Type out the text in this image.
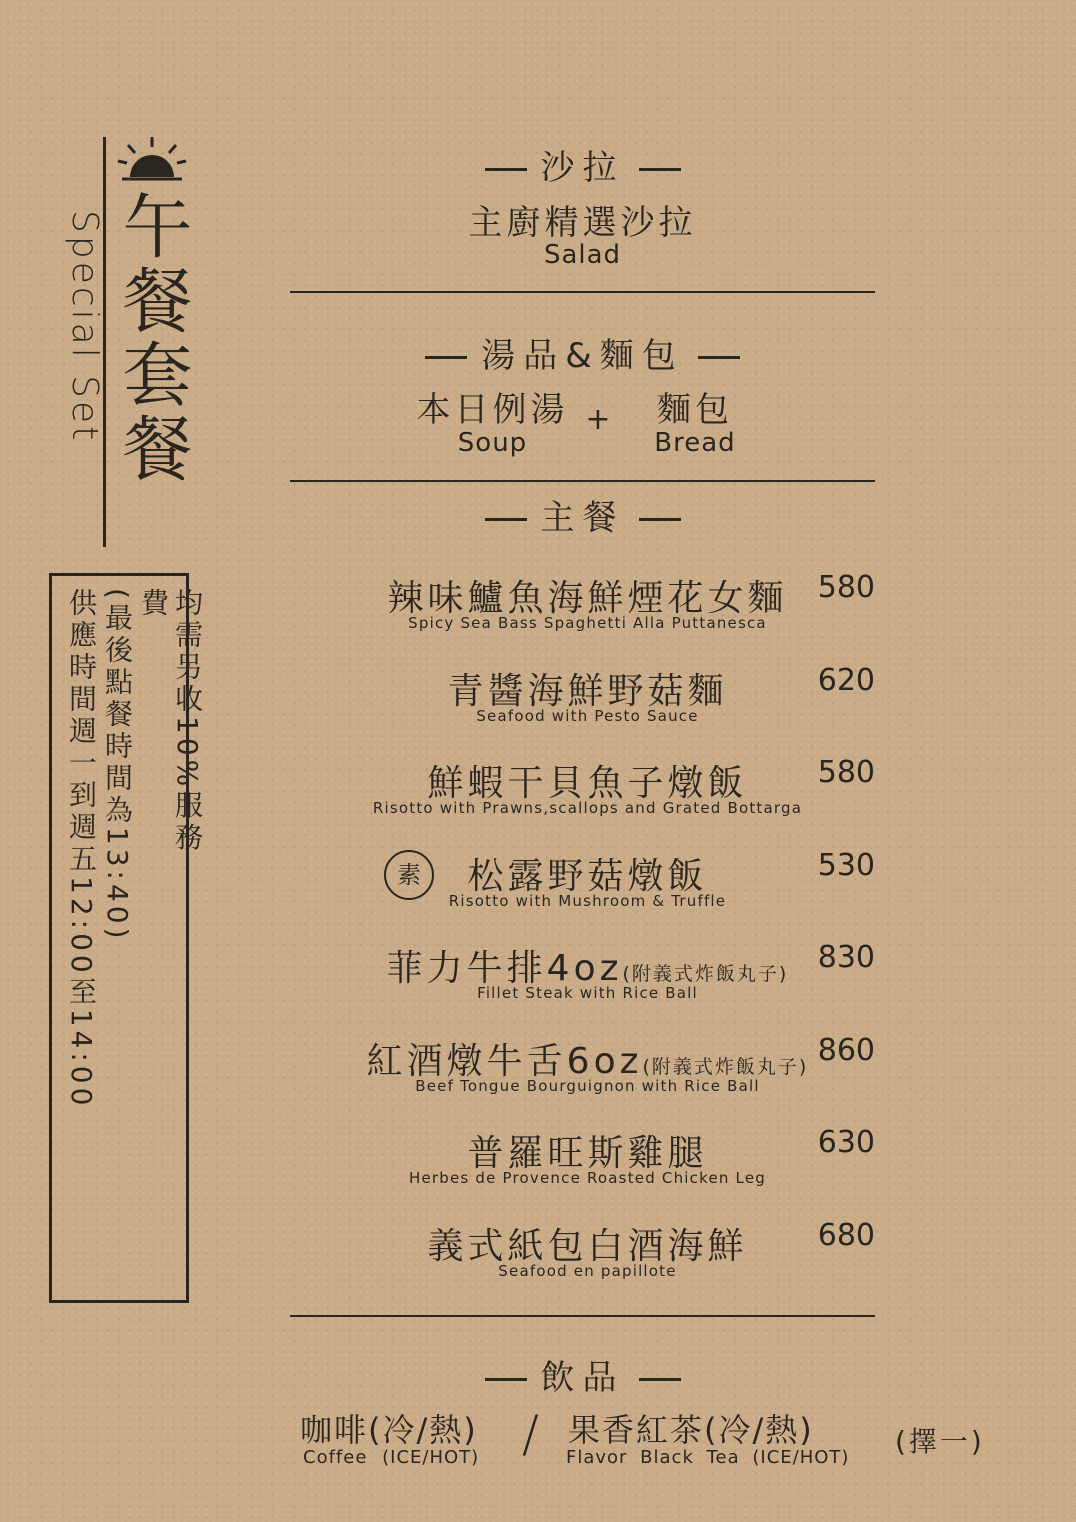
午餐套餐
Special Set
均需另收10%服務費
(最後點餐時間為13:40)
供應時間週一到週五12:00至14:00
沙拉
主廚精選沙拉
Salad
湯品&麵包
本日例湯
Soup
+	麵包
Bread
主餐
辣味鱸魚海鮮煙花女麵
Spicy Sea Bass Spaghetti Alla Puttanesca
580
青醬海鮮野菇麵
Seafood with Pesto Sauce
620
鮮蝦干貝魚子燉飯
Risotto with Prawns,scallops and Grated Bottarga
580
素	松露野菇燉飯
Risotto with Mushroom & Truffle
530
菲力牛排4oz(附義式炸飯丸子)
Fillet Steak with Rice Ball
830
紅酒燉牛舌6oz(附義式炸飯丸子)
Beef Tongue Bourguignon with Rice Ball
860
普羅旺斯雞腿
Herbes de Provence Roasted Chicken Leg
630
義式紙包白酒海鮮
Seafood en papillote
680
飲品
咖啡(冷/熱)
Coffee (ICE/HOT) / 果香紅茶(冷/熱)
Flavor Black Tea (ICE/HOT) (擇一)
